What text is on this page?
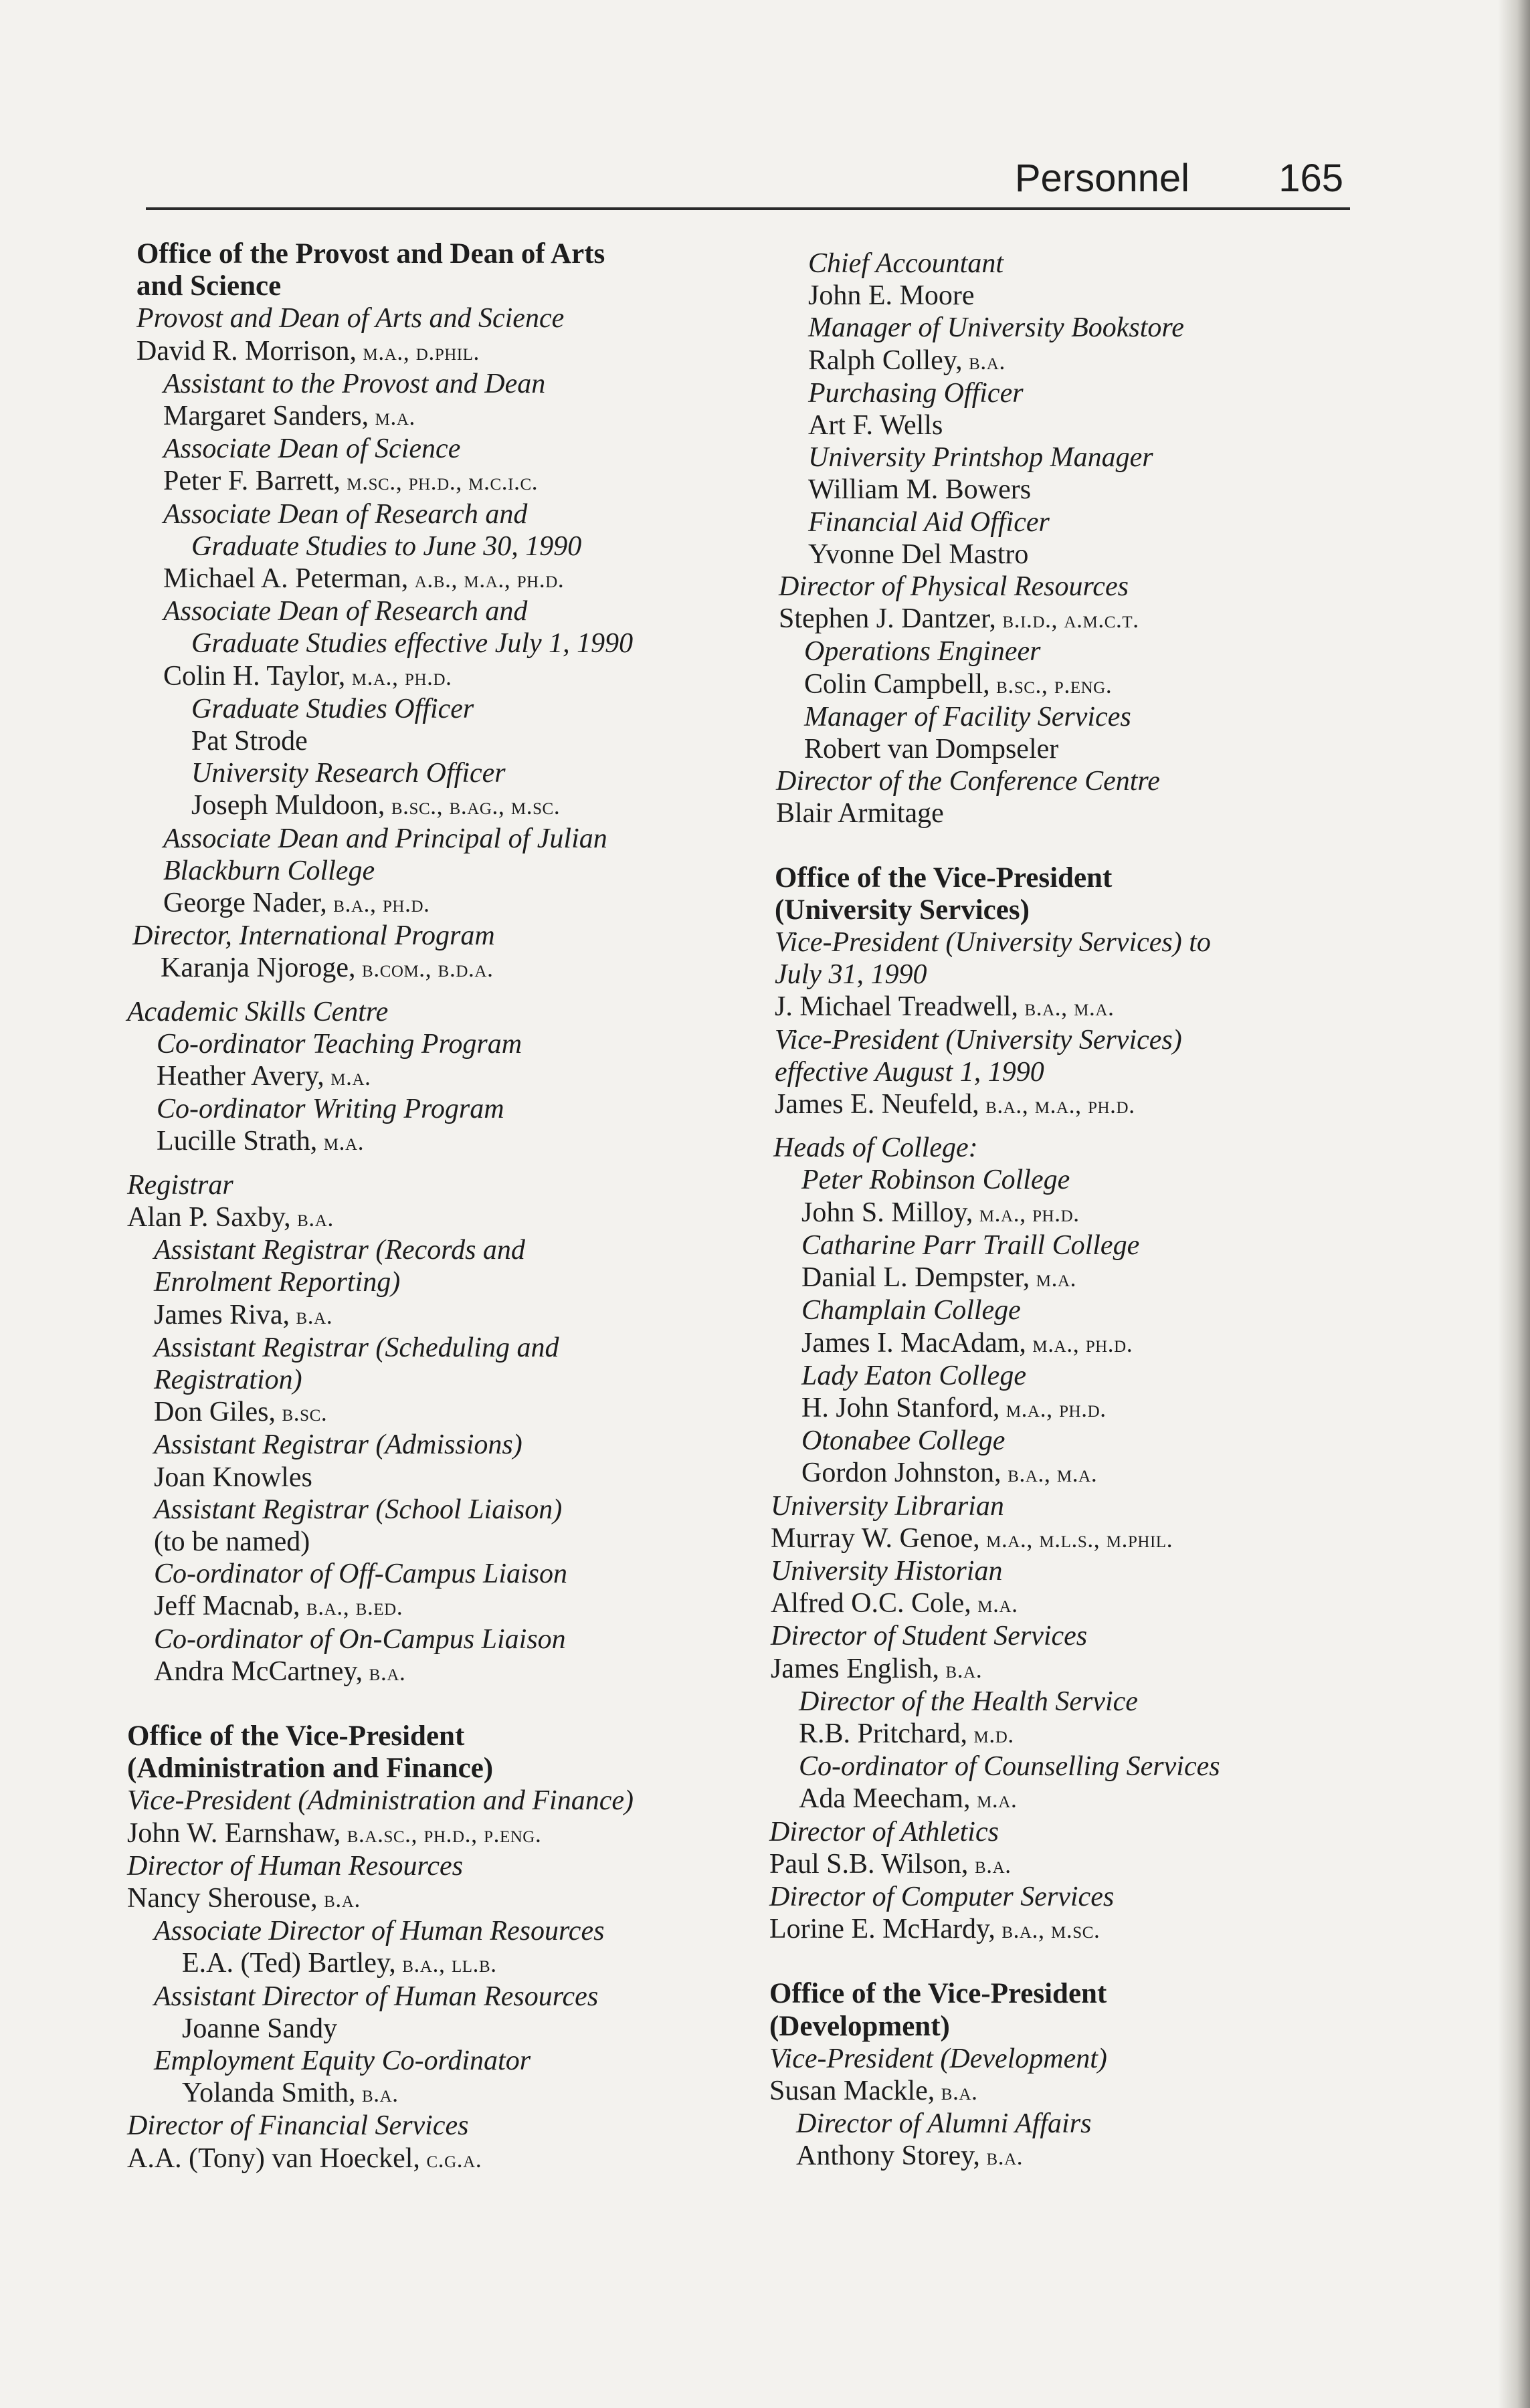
Personnel 165
Office of the Provost and Dean of Arts
and Science
Provost and Dean of Arts and Science
David R. Morrison, m.a., d.phil.
Assistant to the Provost and Dean
Margaret Sanders, m.a.
Associate Dean of Science
Peter F. Barrett, m.sc., ph.d., m.c.i.c.
Associate Dean of Research and
Graduate Studies to June 30, 1990
Michael A. Peterman, a.b., m.a., ph.d.
Associate Dean of Research and
Graduate Studies effective July 1, 1990
Colin H. Taylor, m.a., ph.d.
Graduate Studies Officer
Pat Strode
University Research Officer
Joseph Muldoon, b.sc., b.ag., m.sc.
Associate Dean and Principal of Julian
Blackburn College
George Nader, b.a., ph.d.
Director, International Program
Karanja Njoroge, b.com., b.d.a.
Academic Skills Centre
Co-ordinator Teaching Program
Heather Avery, m.a.
Co-ordinator Writing Program
Lucille Strath, m.a.
Registrar
Alan P. Saxby, b.a.
Assistant Registrar (Records and
Enrolment Reporting)
James Riva, b.a.
Assistant Registrar (Scheduling and
Registration)
Don Giles, b.sc.
Assistant Registrar (Admissions)
Joan Knowles
Assistant Registrar (School Liaison)
(to be named)
Co-ordinator of Off-Campus Liaison
Jeff Macnab, b.a., b.ed.
Co-ordinator of On-Campus Liaison
Andra McCartney, b.a.
Office of the Vice-President
(Administration and Finance)
Vice-President (Administration and Finance)
John W. Earnshaw, b.a.sc., ph.d., p.eng.
Director of Human Resources
Nancy Sherouse, b.a.
Associate Director of Human Resources
E.A. (Ted) Bartley, b.a., ll.b.
Assistant Director of Human Resources
Joanne Sandy
Employment Equity Co-ordinator
Yolanda Smith, b.a.
Director of Financial Services
A.A. (Tony) van Hoeckel, c.g.a.
Chief Accountant
John E. Moore
Manager of University Bookstore
Ralph Colley, b.a.
Purchasing Officer
Art F. Wells
University Printshop Manager
William M. Bowers
Financial Aid Officer
Yvonne Del Mastro
Director of Physical Resources
Stephen J. Dantzer, b.i.d., a.m.c.t.
Operations Engineer
Colin Campbell, b.sc., p.eng.
Manager of Facility Services
Robert van Dompseler
Director of the Conference Centre
Blair Armitage
Office of the Vice-President
(University Services)
Vice-President (University Services) to
July 31, 1990
J. Michael Treadwell, b.a., m.a.
Vice-President (University Services)
effective August 1, 1990
James E. Neufeld, b.a., m.a., ph.d.
Heads of College:
Peter Robinson College
John S. Milloy, m.a., ph.d.
Catharine Parr Traill College
Danial L. Dempster, m.a.
Champlain College
James I. MacAdam, m.a., ph.d.
Lady Eaton College
H. John Stanford, m.a., ph.d.
Otonabee College
Gordon Johnston, b.a., m.a.
University Librarian
Murray W. Genoe, m.a., m.l.s., m.phil.
University Historian
Alfred O.C. Cole, m.a.
Director of Student Services
James English, b.a.
Director of the Health Service
R.B. Pritchard, m.d.
Co-ordinator of Counselling Services
Ada Meecham, m.a.
Director of Athletics
Paul S.B. Wilson, b.a.
Director of Computer Services
Lorine E. McHardy, b.a., m.sc.
Office of the Vice-President
(Development)
Vice-President (Development)
Susan Mackle, b.a.
Director of Alumni Affairs
Anthony Storey, b.a.
